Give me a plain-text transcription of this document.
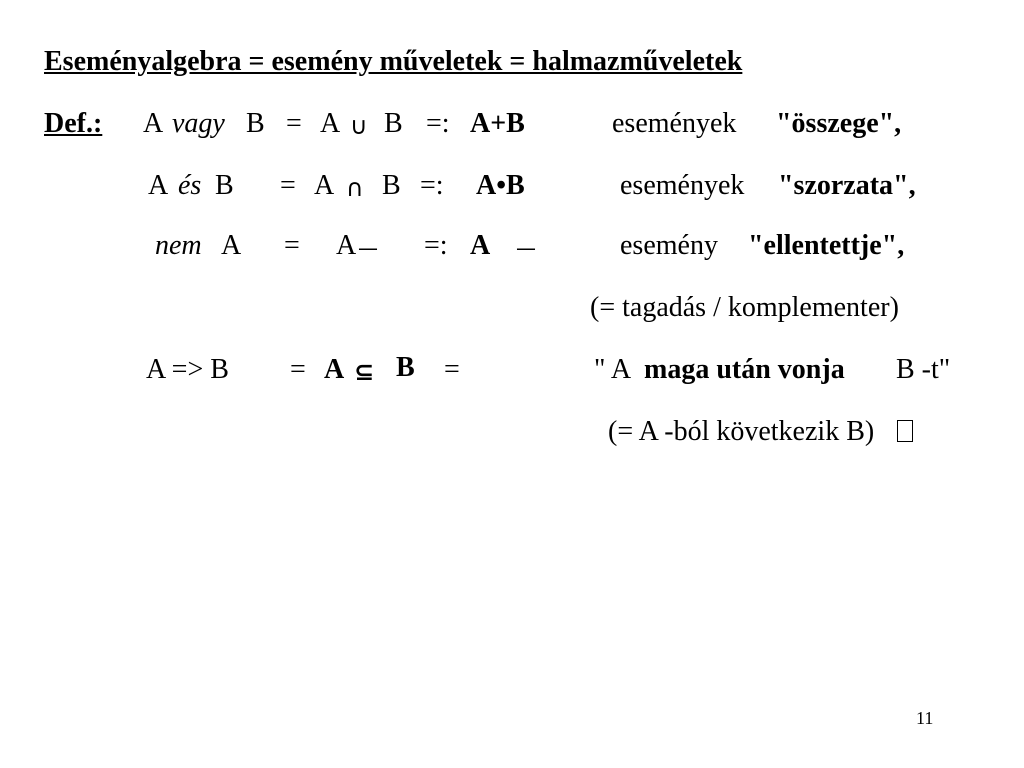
Eseményalgebra = esemény műveletek = halmazműveletek
Def.: A vagy B = A ∪ B =: A+B	események "összege",
A és B = A ∩ B =: A•B	események "szorzata",
nem A = A — =: A —	esemény "ellentettje",
(= tagadás / komplementer)
A => B = A ⊆ B =	" A maga után vonja B -t"
(= A -ból következik B)
11
